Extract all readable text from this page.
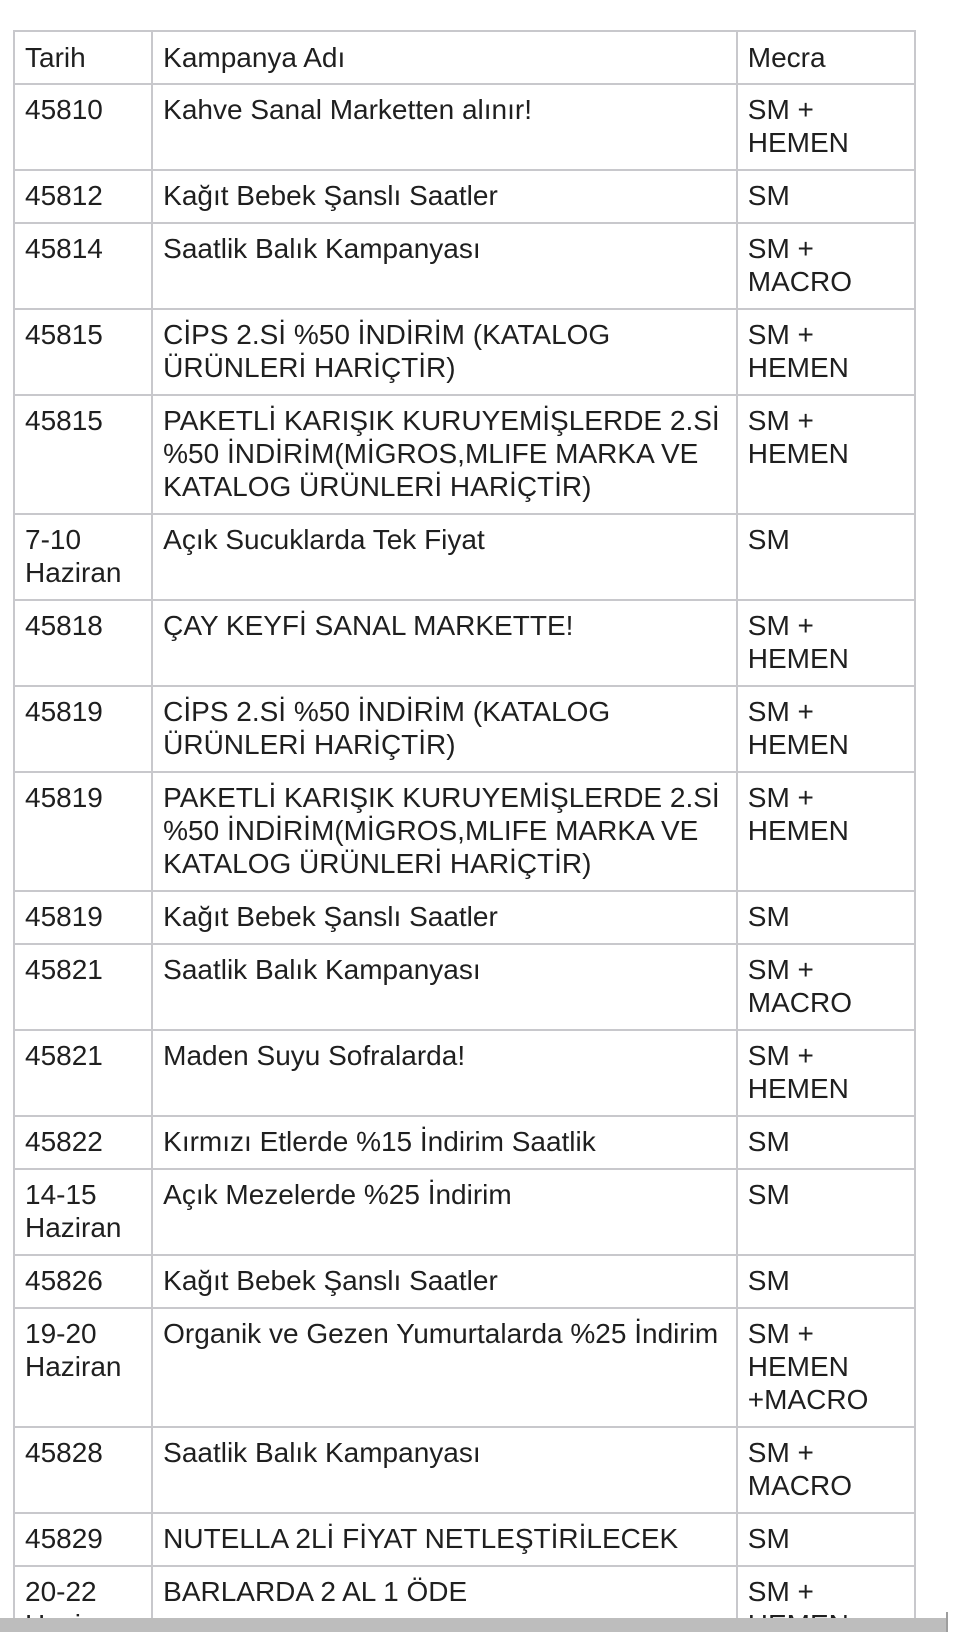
Tarih	Kampanya Adı	Mecra
45810	Kahve Sanal Marketten alınır!	SM + HEMEN
45812	Kağıt Bebek Şanslı Saatler	SM
45814	Saatlik Balık Kampanyası	SM + MACRO
45815	CİPS 2.Sİ %50 İNDİRİM (KATALOG ÜRÜNLERİ HARİÇTİR)	SM + HEMEN
45815	PAKETLİ KARIŞIK KURUYEMİŞLERDE 2.Sİ %50 İNDİRİM(MİGROS,MLIFE MARKA VE KATALOG ÜRÜNLERİ HARİÇTİR)	SM + HEMEN
7-10 Haziran	Açık Sucuklarda Tek Fiyat	SM
45818	ÇAY KEYFİ SANAL MARKETTE!	SM + HEMEN
45819	CİPS 2.Sİ %50 İNDİRİM (KATALOG ÜRÜNLERİ HARİÇTİR)	SM + HEMEN
45819	PAKETLİ KARIŞIK KURUYEMİŞLERDE 2.Sİ %50 İNDİRİM(MİGROS,MLIFE MARKA VE KATALOG ÜRÜNLERİ HARİÇTİR)	SM + HEMEN
45819	Kağıt Bebek Şanslı Saatler	SM
45821	Saatlik Balık Kampanyası	SM + MACRO
45821	Maden Suyu Sofralarda!	SM + HEMEN
45822	Kırmızı Etlerde %15 İndirim Saatlik	SM
14-15 Haziran	Açık Mezelerde %25 İndirim	SM
45826	Kağıt Bebek Şanslı Saatler	SM
19-20 Haziran	Organik ve Gezen Yumurtalarda %25 İndirim	SM + HEMEN +MACRO
45828	Saatlik Balık Kampanyası	SM + MACRO
45829	NUTELLA 2Lİ FİYAT NETLEŞTİRİLECEK	SM
20-22	BARLARDA 2 AL 1 ÖDE	SM +
